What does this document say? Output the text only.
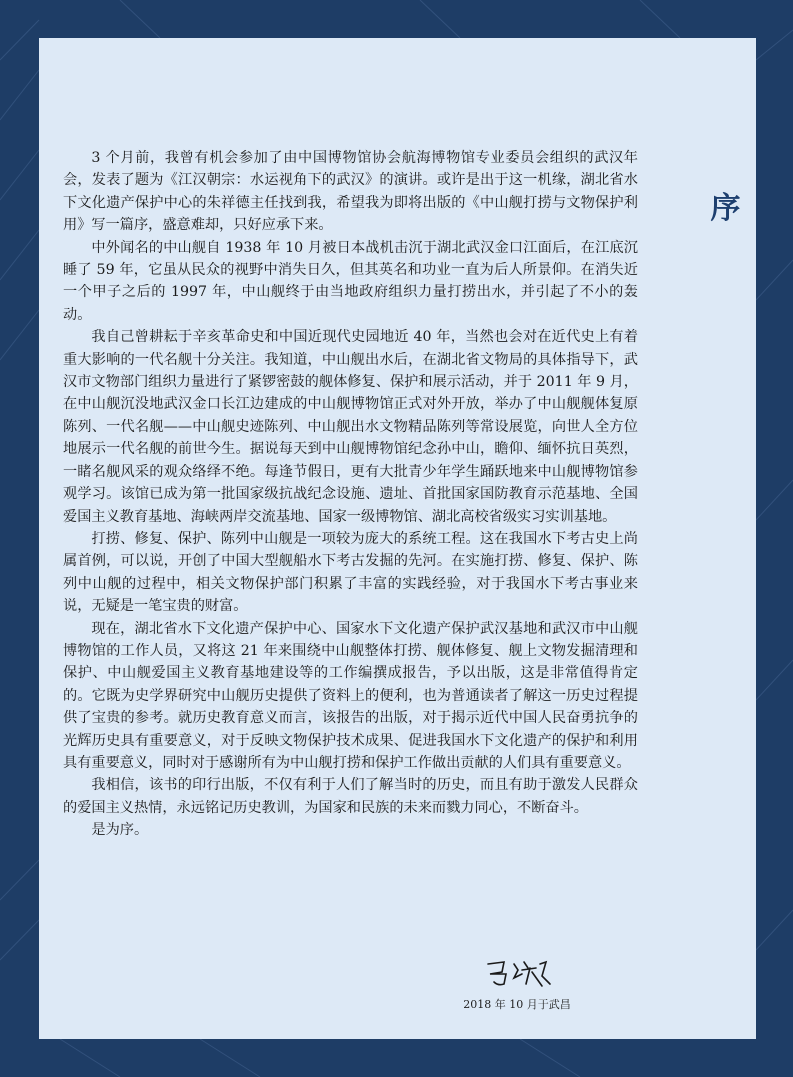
序

3 个月前，我曾有机会参加了由中国博物馆协会航海博物馆专业委员会组织的武汉年会，发表了题为《江汉朝宗：水运视角下的武汉》的演讲。或许是出于这一机缘，湖北省水下文化遗产保护中心的朱祥德主任找到我，希望我为即将出版的《中山舰打捞与文物保护利用》写一篇序，盛意难却，只好应承下来。

中外闻名的中山舰自 1938 年 10 月被日本战机击沉于湖北武汉金口江面后，在江底沉睡了 59 年，它虽从民众的视野中消失日久，但其英名和功业一直为后人所景仰。在消失近一个甲子之后的 1997 年，中山舰终于由当地政府组织力量打捞出水，并引起了不小的轰动。

我自己曾耕耘于辛亥革命史和中国近现代史园地近 40 年，当然也会对在近代史上有着重大影响的一代名舰十分关注。我知道，中山舰出水后，在湖北省文物局的具体指导下，武汉市文物部门组织力量进行了紧锣密鼓的舰体修复、保护和展示活动，并于 2011 年 9 月，在中山舰沉没地武汉金口长江边建成的中山舰博物馆正式对外开放，举办了中山舰舰体复原陈列、一代名舰——中山舰史迹陈列、中山舰出水文物精品陈列等常设展览，向世人全方位地展示一代名舰的前世今生。据说每天到中山舰博物馆纪念孙中山，瞻仰、缅怀抗日英烈，一睹名舰风采的观众络绎不绝。每逢节假日，更有大批青少年学生踊跃地来中山舰博物馆参观学习。该馆已成为第一批国家级抗战纪念设施、遗址、首批国家国防教育示范基地、全国爱国主义教育基地、海峡两岸交流基地、国家一级博物馆、湖北高校省级实习实训基地。

打捞、修复、保护、陈列中山舰是一项较为庞大的系统工程。这在我国水下考古史上尚属首例，可以说，开创了中国大型舰船水下考古发掘的先河。在实施打捞、修复、保护、陈列中山舰的过程中，相关文物保护部门积累了丰富的实践经验，对于我国水下考古事业来说，无疑是一笔宝贵的财富。

现在，湖北省水下文化遗产保护中心、国家水下文化遗产保护武汉基地和武汉市中山舰博物馆的工作人员，又将这 21 年来围绕中山舰整体打捞、舰体修复、舰上文物发掘清理和保护、中山舰爱国主义教育基地建设等的工作编撰成报告，予以出版，这是非常值得肯定的。它既为史学界研究中山舰历史提供了资料上的便利，也为普通读者了解这一历史过程提供了宝贵的参考。就历史教育意义而言，该报告的出版，对于揭示近代中国人民奋勇抗争的光辉历史具有重要意义，对于反映文物保护技术成果、促进我国水下文化遗产的保护和利用具有重要意义，同时对于感谢所有为中山舰打捞和保护工作做出贡献的人们具有重要意义。

我相信，该书的印行出版，不仅有利于人们了解当时的历史，而且有助于激发人民群众的爱国主义热情，永远铭记历史教训，为国家和民族的未来而戮力同心，不断奋斗。

是为序。

2018 年 10 月于武昌
